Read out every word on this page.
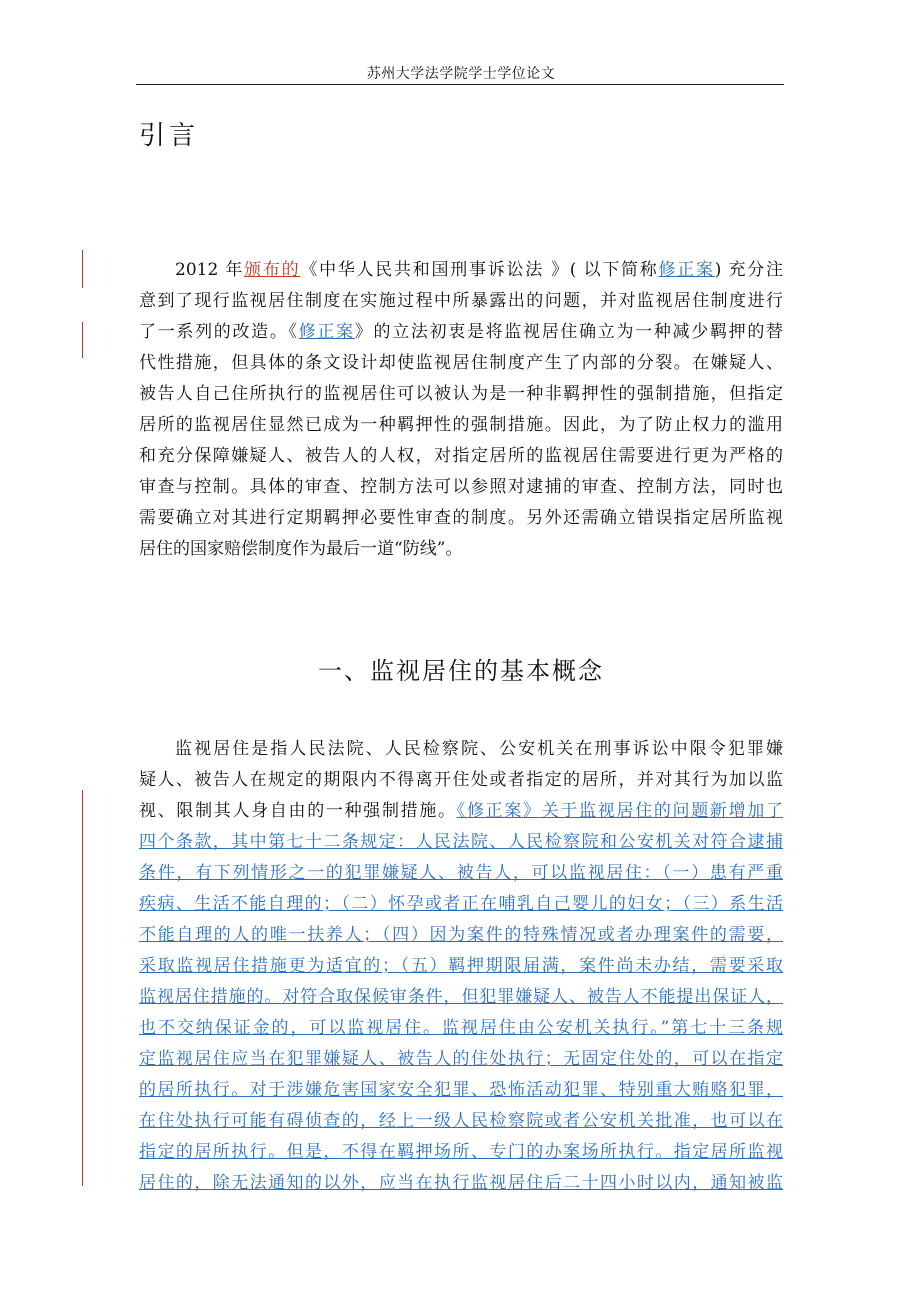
苏州大学法学院学士学位论文
引言
2012 年颁布的《中华人民共和国刑事诉讼法 》( 以下简称修正案) 充分注
意到了现行监视居住制度在实施过程中所暴露出的问题，并对监视居住制度进行
了一系列的改造。《修正案》的立法初衷是将监视居住确立为一种减少羁押的替
代性措施，但具体的条文设计却使监视居住制度产生了内部的分裂。在嫌疑人、
被告人自己住所执行的监视居住可以被认为是一种非羁押性的强制措施，但指定
居所的监视居住显然已成为一种羁押性的强制措施。因此，为了防止权力的滥用
和充分保障嫌疑人、被告人的人权，对指定居所的监视居住需要进行更为严格的
审查与控制。具体的审查、控制方法可以参照对逮捕的审查、控制方法，同时也
需要确立对其进行定期羁押必要性审查的制度。另外还需确立错误指定居所监视
居住的国家赔偿制度作为最后一道“防线”。
一、监视居住的基本概念
监视居住是指人民法院、人民检察院、公安机关在刑事诉讼中限令犯罪嫌
疑人、被告人在规定的期限内不得离开住处或者指定的居所，并对其行为加以监
视、限制其人身自由的一种强制措施。《修正案》关于监视居住的问题新增加了
四个条款，其中第七十二条规定：人民法院、人民检察院和公安机关对符合逮捕
条件，有下列情形之一的犯罪嫌疑人、被告人，可以监视居住：（一）患有严重
疾病、生活不能自理的；（二）怀孕或者正在哺乳自己婴儿的妇女；（三）系生活
不能自理的人的唯一扶养人；（四）因为案件的特殊情况或者办理案件的需要，
采取监视居住措施更为适宜的；（五）羁押期限届满，案件尚未办结，需要采取
监视居住措施的。对符合取保候审条件，但犯罪嫌疑人、被告人不能提出保证人，
也不交纳保证金的，可以监视居住。监视居住由公安机关执行。”第七十三条规
定监视居住应当在犯罪嫌疑人、被告人的住处执行；无固定住处的，可以在指定
的居所执行。对于涉嫌危害国家安全犯罪、恐怖活动犯罪、特别重大贿赂犯罪，
在住处执行可能有碍侦查的，经上一级人民检察院或者公安机关批准，也可以在
指定的居所执行。但是，不得在羁押场所、专门的办案场所执行。指定居所监视
居住的，除无法通知的以外，应当在执行监视居住后二十四小时以内，通知被监
